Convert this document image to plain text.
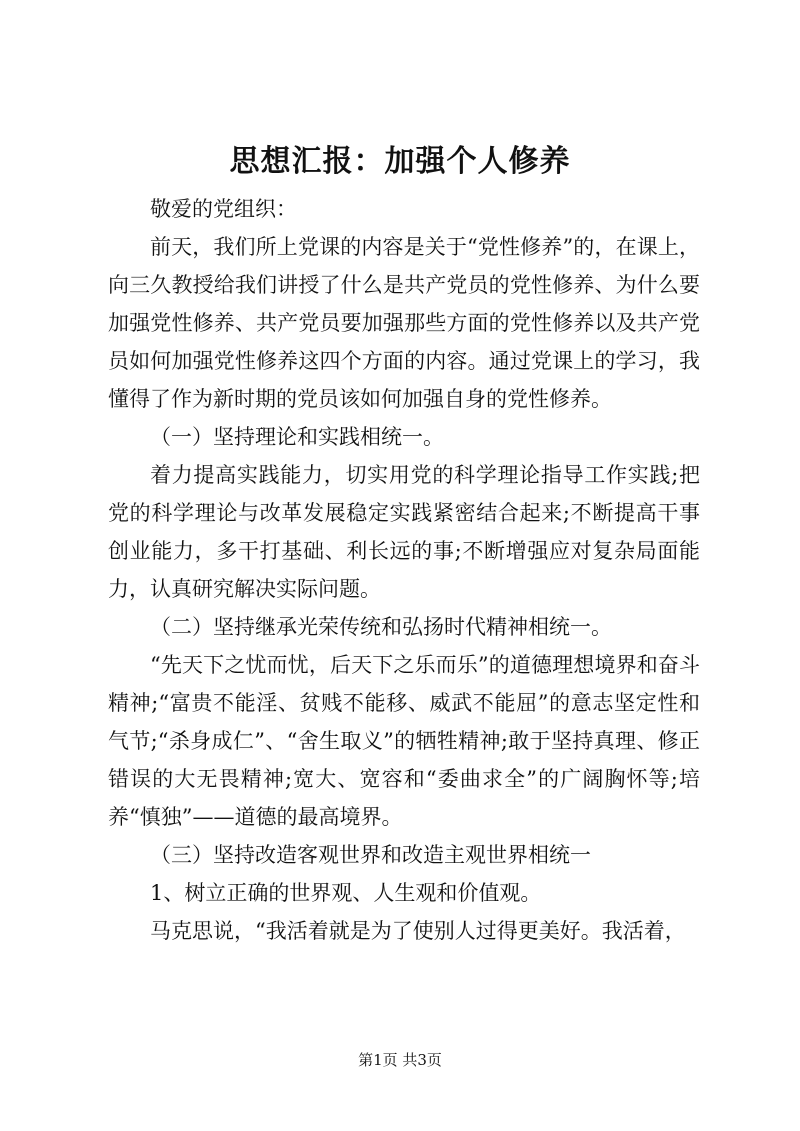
思想汇报：加强个人修养

敬爱的党组织：

前天，我们所上党课的内容是关于“党性修养”的，在课上，向三久教授给我们讲授了什么是共产党员的党性修养、为什么要加强党性修养、共产党员要加强那些方面的党性修养以及共产党员如何加强党性修养这四个方面的内容。通过党课上的学习，我懂得了作为新时期的党员该如何加强自身的党性修养。

（一）坚持理论和实践相统一。

着力提高实践能力，切实用党的科学理论指导工作实践;把党的科学理论与改革发展稳定实践紧密结合起来;不断提高干事创业能力，多干打基础、利长远的事;不断增强应对复杂局面能力，认真研究解决实际问题。

（二）坚持继承光荣传统和弘扬时代精神相统一。

“先天下之忧而忧，后天下之乐而乐”的道德理想境界和奋斗精神;“富贵不能淫、贫贱不能移、威武不能屈”的意志坚定性和气节;“杀身成仁”、“舍生取义”的牺牲精神;敢于坚持真理、修正错误的大无畏精神;宽大、宽容和“委曲求全”的广阔胸怀等;培养“慎独”——道德的最高境界。

（三）坚持改造客观世界和改造主观世界相统一

1、树立正确的世界观、人生观和价值观。

马克思说，“我活着就是为了使别人过得更美好。我活着，

第1页 共3页
